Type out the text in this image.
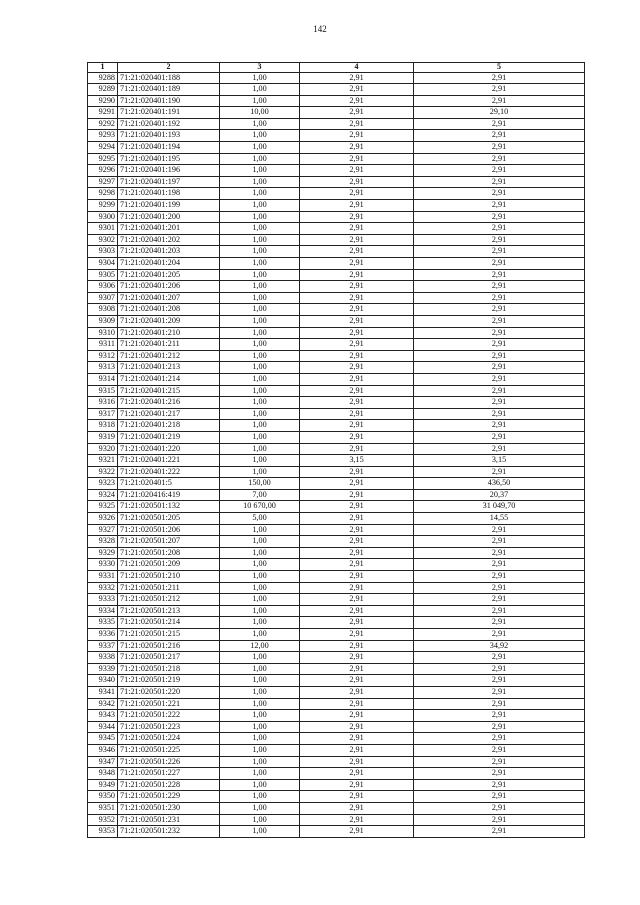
142
1	2	3	4	5
9288	71:21:020401:188	1,00	2,91	2,91
9289	71:21:020401:189	1,00	2,91	2,91
9290	71:21:020401:190	1,00	2,91	2,91
9291	71:21:020401:191	10,00	2,91	29,10
9292	71:21:020401:192	1,00	2,91	2,91
9293	71:21:020401:193	1,00	2,91	2,91
9294	71:21:020401:194	1,00	2,91	2,91
9295	71:21:020401:195	1,00	2,91	2,91
9296	71:21:020401:196	1,00	2,91	2,91
9297	71:21:020401:197	1,00	2,91	2,91
9298	71:21:020401:198	1,00	2,91	2,91
9299	71:21:020401:199	1,00	2,91	2,91
9300	71:21:020401:200	1,00	2,91	2,91
9301	71:21:020401:201	1,00	2,91	2,91
9302	71:21:020401:202	1,00	2,91	2,91
9303	71:21:020401:203	1,00	2,91	2,91
9304	71:21:020401:204	1,00	2,91	2,91
9305	71:21:020401:205	1,00	2,91	2,91
9306	71:21:020401:206	1,00	2,91	2,91
9307	71:21:020401:207	1,00	2,91	2,91
9308	71:21:020401:208	1,00	2,91	2,91
9309	71:21:020401:209	1,00	2,91	2,91
9310	71:21:020401:210	1,00	2,91	2,91
9311	71:21:020401:211	1,00	2,91	2,91
9312	71:21:020401:212	1,00	2,91	2,91
9313	71:21:020401:213	1,00	2,91	2,91
9314	71:21:020401:214	1,00	2,91	2,91
9315	71:21:020401:215	1,00	2,91	2,91
9316	71:21:020401:216	1,00	2,91	2,91
9317	71:21:020401:217	1,00	2,91	2,91
9318	71:21:020401:218	1,00	2,91	2,91
9319	71:21:020401:219	1,00	2,91	2,91
9320	71:21:020401:220	1,00	2,91	2,91
9321	71:21:020401:221	1,00	3,15	3,15
9322	71:21:020401:222	1,00	2,91	2,91
9323	71:21:020401:5	150,00	2,91	436,50
9324	71:21:020416:419	7,00	2,91	20,37
9325	71:21:020501:132	10 670,00	2,91	31 049,70
9326	71:21:020501:205	5,00	2,91	14,55
9327	71:21:020501:206	1,00	2,91	2,91
9328	71:21:020501:207	1,00	2,91	2,91
9329	71:21:020501:208	1,00	2,91	2,91
9330	71:21:020501:209	1,00	2,91	2,91
9331	71:21:020501:210	1,00	2,91	2,91
9332	71:21:020501:211	1,00	2,91	2,91
9333	71:21:020501:212	1,00	2,91	2,91
9334	71:21:020501:213	1,00	2,91	2,91
9335	71:21:020501:214	1,00	2,91	2,91
9336	71:21:020501:215	1,00	2,91	2,91
9337	71:21:020501:216	12,00	2,91	34,92
9338	71:21:020501:217	1,00	2,91	2,91
9339	71:21:020501:218	1,00	2,91	2,91
9340	71:21:020501:219	1,00	2,91	2,91
9341	71:21:020501:220	1,00	2,91	2,91
9342	71:21:020501:221	1,00	2,91	2,91
9343	71:21:020501:222	1,00	2,91	2,91
9344	71:21:020501:223	1,00	2,91	2,91
9345	71:21:020501:224	1,00	2,91	2,91
9346	71:21:020501:225	1,00	2,91	2,91
9347	71:21:020501:226	1,00	2,91	2,91
9348	71:21:020501:227	1,00	2,91	2,91
9349	71:21:020501:228	1,00	2,91	2,91
9350	71:21:020501:229	1,00	2,91	2,91
9351	71:21:020501:230	1,00	2,91	2,91
9352	71:21:020501:231	1,00	2,91	2,91
9353	71:21:020501:232	1,00	2,91	2,91
